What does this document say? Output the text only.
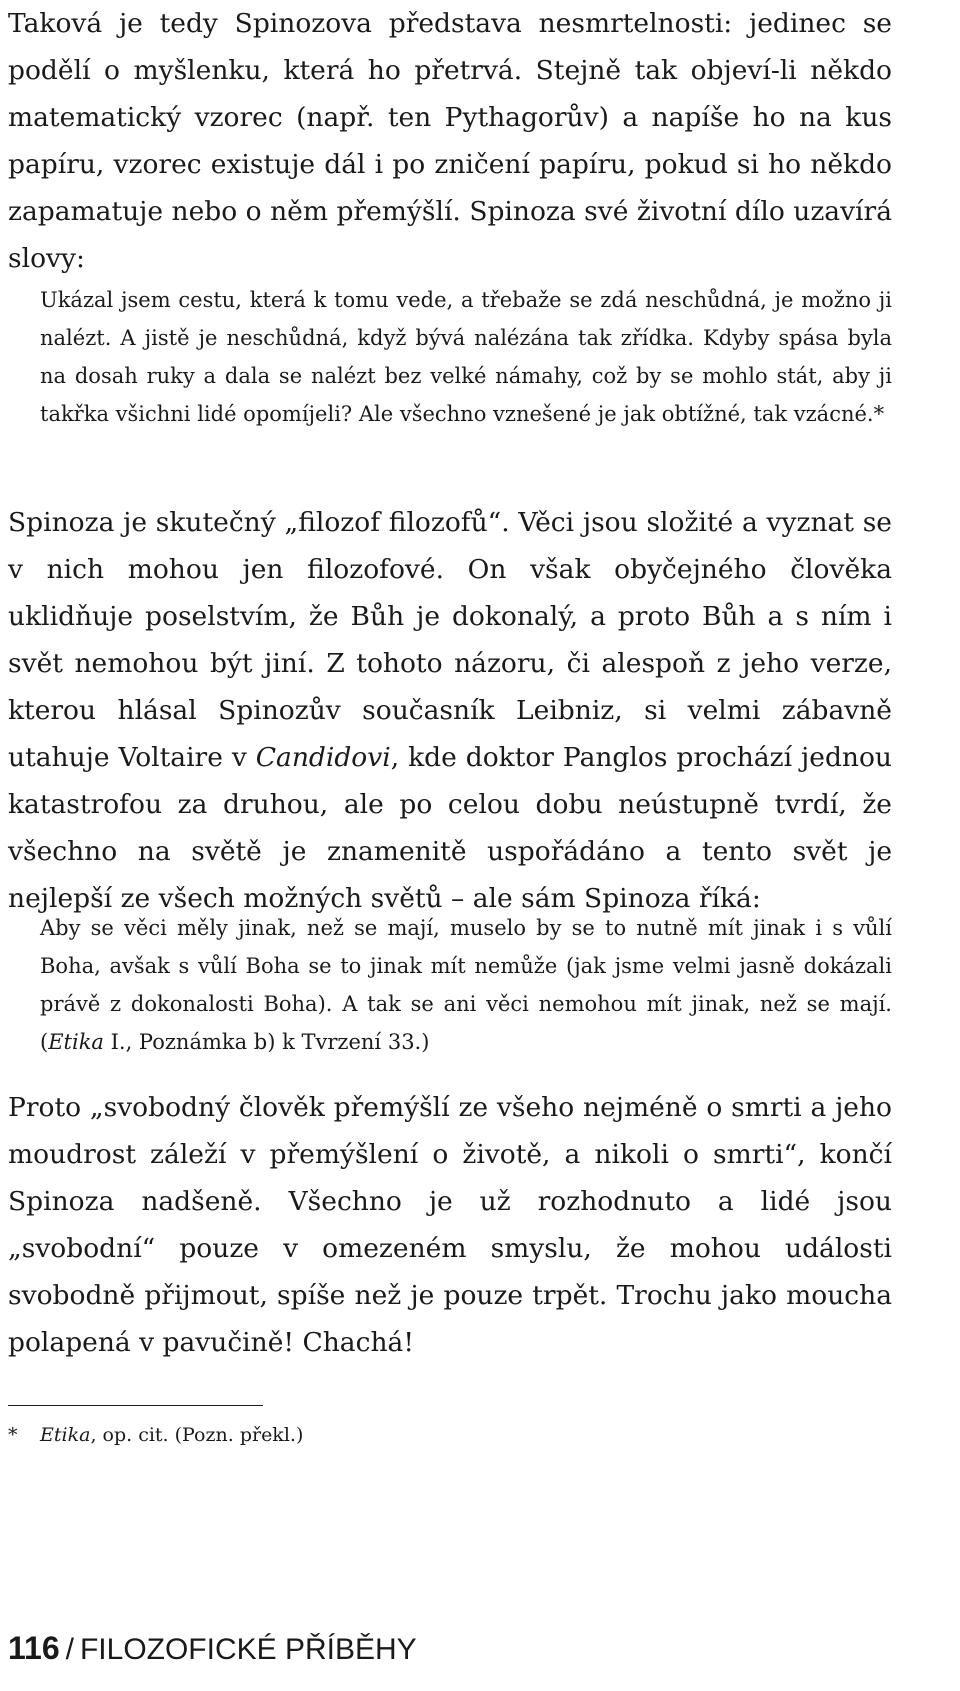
Taková je tedy Spinozova představa nesmrtelnosti: jedinec se podělí o myšlenku, která ho přetrvá. Stejně tak objeví-li někdo matematický vzorec (např. ten Pythagorův) a napíše ho na kus papíru, vzorec existuje dál i po zničení papíru, pokud si ho někdo zapamatuje nebo o něm přemýšlí. Spinoza své životní dílo uzavírá slovy:

Ukázal jsem cestu, která k tomu vede, a třebaže se zdá neschůdná, je možno ji nalézt. A jistě je neschůdná, když bývá nalézána tak zřídka. Kdyby spása byla na dosah ruky a dala se nalézt bez velké námahy, což by se mohlo stát, aby ji takřka všichni lidé opomíjeli? Ale všechno vznešené je jak obtížné, tak vzácné.*

Spinoza je skutečný „filozof filozofů“. Věci jsou složité a vyznat se v nich mohou jen filozofové. On však obyčejného člověka uklidňuje poselstvím, že Bůh je dokonalý, a proto Bůh a s ním i svět nemohou být jiní. Z tohoto názoru, či alespoň z jeho verze, kterou hlásal Spinozův současník Leibniz, si velmi zábavně utahuje Voltaire v Candidovi, kde doktor Panglos prochází jednou katastrofou za druhou, ale po celou dobu neústupně tvrdí, že všechno na světě je znamenitě uspořádáno a tento svět je nejlepší ze všech možných světů – ale sám Spinoza říká:

Aby se věci měly jinak, než se mají, muselo by se to nutně mít jinak i s vůlí Boha, avšak s vůlí Boha se to jinak mít nemůže (jak jsme velmi jasně dokázali právě z dokonalosti Boha). A tak se ani věci nemohou mít jinak, než se mají. (Etika I., Poznámka b) k Tvrzení 33.)

Proto „svobodný člověk přemýšlí ze všeho nejméně o smrti a jeho moudrost záleží v přemýšlení o životě, a nikoli o smrti“, končí Spinoza nadšeně. Všechno je už rozhodnuto a lidé jsou „svobodní“ pouze v omezeném smyslu, že mohou události svobodně přijmout, spíše než je pouze trpět. Trochu jako moucha polapená v pavučině! Chachá!

* Etika, op. cit. (Pozn. překl.)

116 / FILOZOFICKÉ PŘÍBĚHY
